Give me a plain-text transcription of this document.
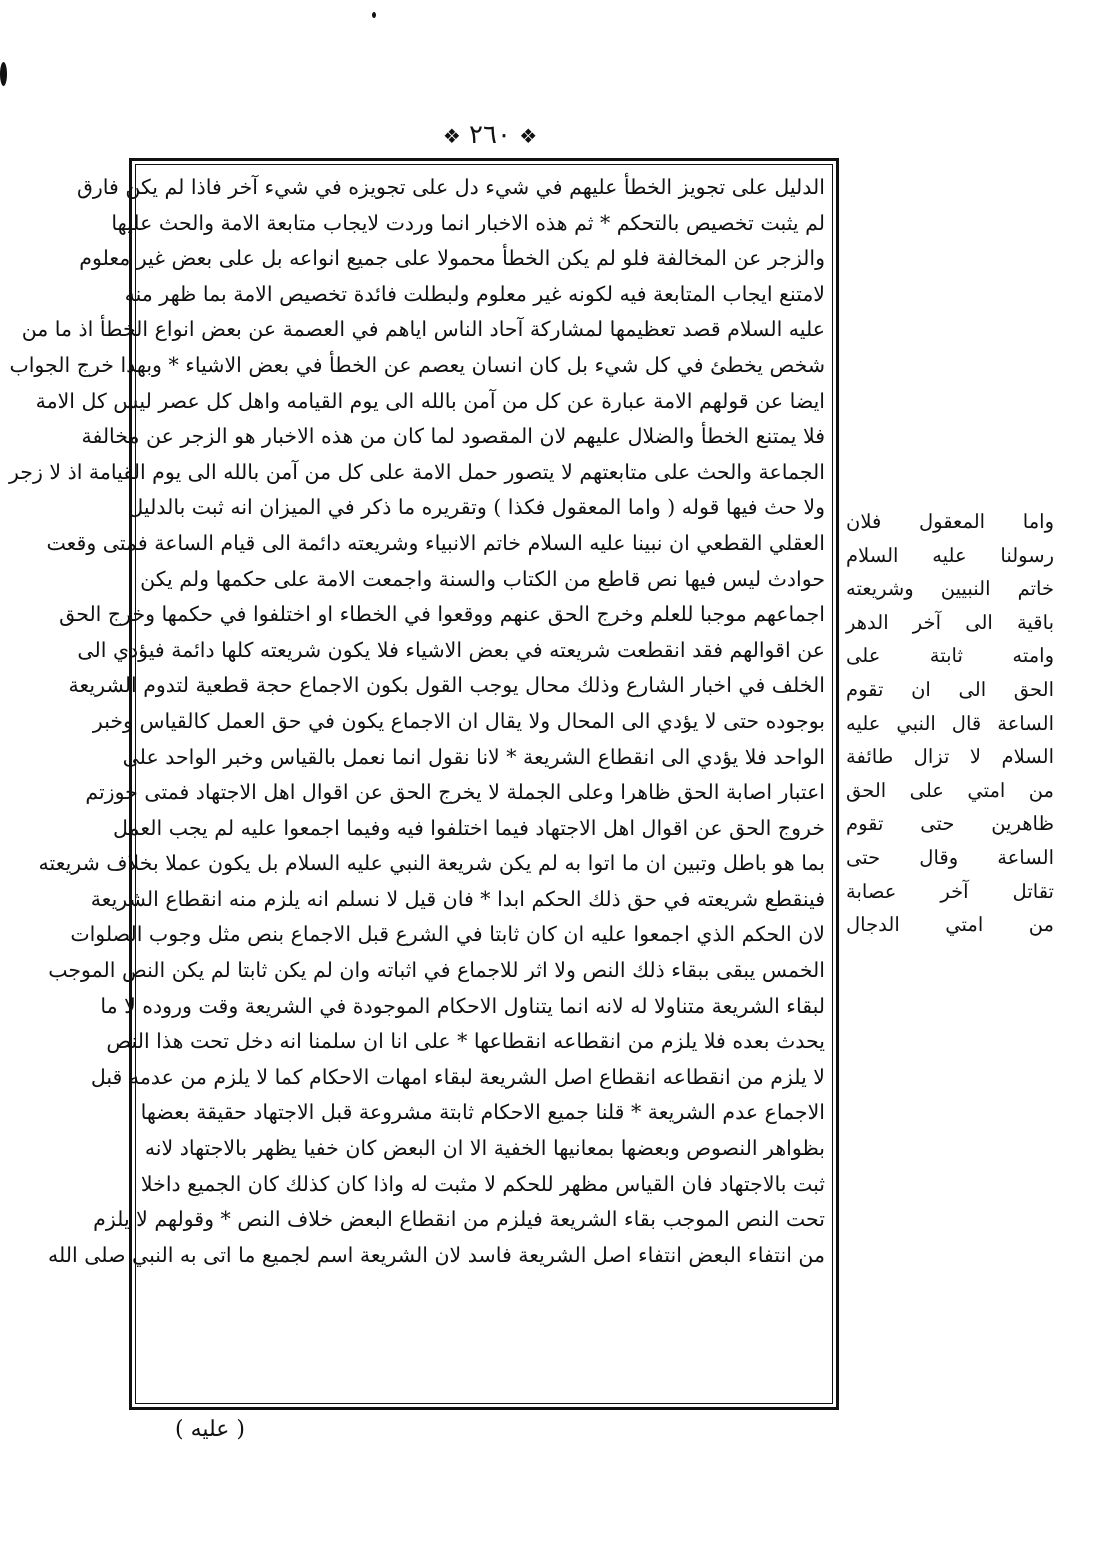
❖ ٢٦٠ ❖
الدليل على تجويز الخطأ عليهم في شيء دل على تجويزه في شيء آخر فاذا لم يكن فارق
لم يثبت تخصيص بالتحكم * ثم هذه الاخبار انما وردت لايجاب متابعة الامة والحث عليها
والزجر عن المخالفة فلو لم يكن الخطأ محمولا على جميع انواعه بل على بعض غير معلوم
لامتنع ايجاب المتابعة فيه لكونه غير معلوم ولبطلت فائدة تخصيص الامة بما ظهر منه
عليه السلام قصد تعظيمها لمشاركة آحاد الناس اياهم في العصمة عن بعض انواع الخطأ اذ ما من
شخص يخطئ في كل شيء بل كان انسان يعصم عن الخطأ في بعض الاشياء * وبهذا خرج الجواب
ايضا عن قولهم الامة عبارة عن كل من آمن بالله الى يوم القيامه واهل كل عصر ليس كل الامة
فلا يمتنع الخطأ والضلال عليهم لان المقصود لما كان من هذه الاخبار هو الزجر عن مخالفة
الجماعة والحث على متابعتهم لا يتصور حمل الامة على كل من آمن بالله الى يوم القيامة اذ لا زجر
ولا حث فيها قوله ( واما المعقول فكذا ) وتقريره ما ذكر في الميزان انه ثبت بالدليل
العقلي القطعي ان نبينا عليه السلام خاتم الانبياء وشريعته دائمة الى قيام الساعة فمتى وقعت
حوادث ليس فيها نص قاطع من الكتاب والسنة واجمعت الامة على حكمها ولم يكن
اجماعهم موجبا للعلم وخرج الحق عنهم ووقعوا في الخطاء او اختلفوا في حكمها وخرج الحق
عن اقوالهم فقد انقطعت شريعته في بعض الاشياء فلا يكون شريعته كلها دائمة فيؤدي الى
الخلف في اخبار الشارع وذلك محال يوجب القول بكون الاجماع حجة قطعية لتدوم الشريعة
بوجوده حتى لا يؤدي الى المحال ولا يقال ان الاجماع يكون في حق العمل كالقياس وخبر
الواحد فلا يؤدي الى انقطاع الشريعة * لانا نقول انما نعمل بالقياس وخبر الواحد على
اعتبار اصابة الحق ظاهرا وعلى الجملة لا يخرج الحق عن اقوال اهل الاجتهاد فمتى جوزتم
خروج الحق عن اقوال اهل الاجتهاد فيما اختلفوا فيه وفيما اجمعوا عليه لم يجب العمل
بما هو باطل وتبين ان ما اتوا به لم يكن شريعة النبي عليه السلام بل يكون عملا بخلاف شريعته
فينقطع شريعته في حق ذلك الحكم ابدا * فان قيل لا نسلم انه يلزم منه انقطاع الشريعة
لان الحكم الذي اجمعوا عليه ان كان ثابتا في الشرع قبل الاجماع بنص مثل وجوب الصلوات
الخمس يبقى ببقاء ذلك النص ولا اثر للاجماع في اثباته وان لم يكن ثابتا لم يكن النص الموجب
لبقاء الشريعة متناولا له لانه انما يتناول الاحكام الموجودة في الشريعة وقت وروده لا ما
يحدث بعده فلا يلزم من انقطاعه انقطاعها * على انا ان سلمنا انه دخل تحت هذا النص
لا يلزم من انقطاعه انقطاع اصل الشريعة لبقاء امهات الاحكام كما لا يلزم من عدمه قبل
الاجماع عدم الشريعة * قلنا جميع الاحكام ثابتة مشروعة قبل الاجتهاد حقيقة بعضها
بظواهر النصوص وبعضها بمعانيها الخفية الا ان البعض كان خفيا يظهر بالاجتهاد لانه
ثبت بالاجتهاد فان القياس مظهر للحكم لا مثبت له واذا كان كذلك كان الجميع داخلا
تحت النص الموجب بقاء الشريعة فيلزم من انقطاع البعض خلاف النص * وقولهم لا يلزم
من انتفاء البعض انتفاء اصل الشريعة فاسد لان الشريعة اسم لجميع ما اتى به النبي صلى الله
واما المعقول فلان
رسولنا عليه السلام
خاتم النبيين وشريعته
باقية الى آخر الدهر
وامته ثابتة على
الحق الى ان تقوم
الساعة قال النبي عليه
السلام لا تزال طائفة
من امتي على الحق
ظاهرين حتى تقوم
الساعة وقال حتى
تقاتل آخر عصابة
من امتي الدجال
( عليه )
